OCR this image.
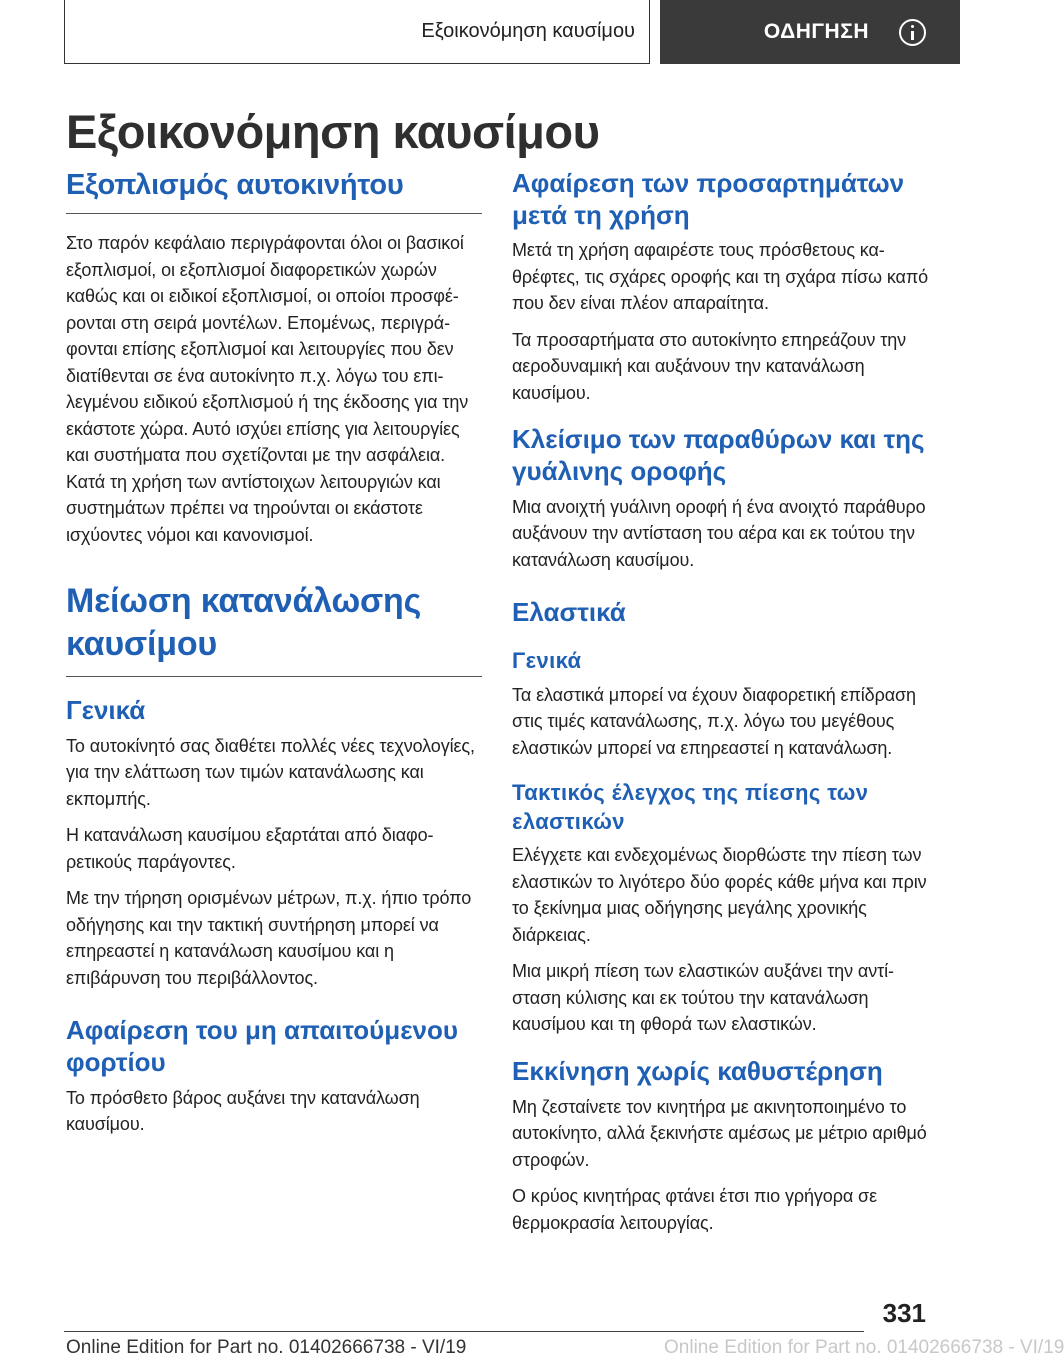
Εξοικονόμηση καυσίμου	ΟΔΗΓΗΣΗ
Εξοικονόμηση καυσίμου
Εξοπλισμός αυτοκινήτου

Στο παρόν κεφάλαιο περιγράφονται όλοι οι βασικοί εξοπλισμοί, οι εξοπλισμοί διαφορετικών χωρών καθώς και οι ειδικοί εξοπλισμοί, οι οποίοι προσφέρονται στη σειρά μοντέλων. Επομένως, περιγράφονται επίσης εξοπλισμοί και λειτουργίες που δεν διατίθενται σε ένα αυτοκίνητο π.χ. λόγω του επιλεγμένου ειδικού εξοπλισμού ή της έκδοσης για την εκάστοτε χώρα. Αυτό ισχύει επίσης για λειτουργίες και συστήματα που σχετίζονται με την ασφάλεια. Κατά τη χρήση των αντίστοιχων λειτουργιών και συστημάτων πρέπει να τηρούνται οι εκάστοτε ισχύοντες νόμοι και κανονισμοί.

Μείωση κατανάλωσης καυσίμου
Γενικά

Το αυτοκίνητό σας διαθέτει πολλές νέες τεχνολογίες, για την ελάττωση των τιμών κατανάλωσης και εκπομπής.

Η κατανάλωση καυσίμου εξαρτάται από διαφορετικούς παράγοντες.

Με την τήρηση ορισμένων μέτρων, π.χ. ήπιο τρόπο οδήγησης και την τακτική συντήρηση μπορεί να επηρεαστεί η κατανάλωση καυσίμου και η επιβάρυνση του περιβάλλοντος.

Αφαίρεση του μη απαιτούμενου φορτίου

Το πρόσθετο βάρος αυξάνει την κατανάλωση καυσίμου.

Αφαίρεση των προσαρτημάτων μετά τη χρήση

Μετά τη χρήση αφαιρέστε τους πρόσθετους καθρέφτες, τις σχάρες οροφής και τη σχάρα πίσω καπό που δεν είναι πλέον απαραίτητα.

Τα προσαρτήματα στο αυτοκίνητο επηρεάζουν την αεροδυναμική και αυξάνουν την κατανάλωση καυσίμου.

Κλείσιμο των παραθύρων και της γυάλινης οροφής

Μια ανοιχτή γυάλινη οροφή ή ένα ανοιχτό παράθυρο αυξάνουν την αντίσταση του αέρα και εκ τούτου την κατανάλωση καυσίμου.

Ελαστικά
Γενικά

Τα ελαστικά μπορεί να έχουν διαφορετική επίδραση στις τιμές κατανάλωσης, π.χ. λόγω του μεγέθους ελαστικών μπορεί να επηρεαστεί η κατανάλωση.

Τακτικός έλεγχος της πίεσης των ελαστικών

Ελέγχετε και ενδεχομένως διορθώστε την πίεση των ελαστικών το λιγότερο δύο φορές κάθε μήνα και πριν το ξεκίνημα μιας οδήγησης μεγάλης χρονικής διάρκειας.

Μια μικρή πίεση των ελαστικών αυξάνει την αντίσταση κύλισης και εκ τούτου την κατανάλωση καυσίμου και τη φθορά των ελαστικών.

Εκκίνηση χωρίς καθυστέρηση

Μη ζεσταίνετε τον κινητήρα με ακινητοποιημένο το αυτοκίνητο, αλλά ξεκινήστε αμέσως με μέτριο αριθμό στροφών.

Ο κρύος κινητήρας φτάνει έτσι πιο γρήγορα σε θερμοκρασία λειτουργίας.

331
Online Edition for Part no. 01402666738 - VI/19	Online Edition for Part no. 01402666738 - VI/19
